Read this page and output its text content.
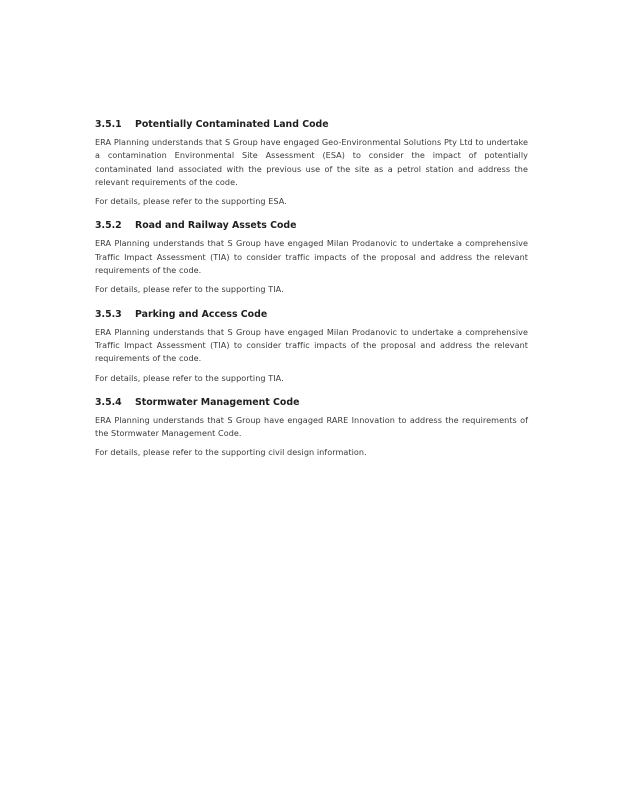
3.5.1	Potentially Contaminated Land Code

ERA Planning understands that S Group have engaged Geo-Environmental Solutions Pty Ltd to undertake a contamination Environmental Site Assessment (ESA) to consider the impact of potentially contaminated land associated with the previous use of the site as a petrol station and address the relevant requirements of the code.

For details, please refer to the supporting ESA.

3.5.2	Road and Railway Assets Code

ERA Planning understands that S Group have engaged Milan Prodanovic to undertake a comprehensive Traffic Impact Assessment (TIA) to consider traffic impacts of the proposal and address the relevant requirements of the code.

For details, please refer to the supporting TIA.

3.5.3	Parking and Access Code

ERA Planning understands that S Group have engaged Milan Prodanovic to undertake a comprehensive Traffic Impact Assessment (TIA) to consider traffic impacts of the proposal and address the relevant requirements of the code.

For details, please refer to the supporting TIA.

3.5.4	Stormwater Management Code

ERA Planning understands that S Group have engaged RARE Innovation to address the requirements of the Stormwater Management Code.

For details, please refer to the supporting civil design information.
